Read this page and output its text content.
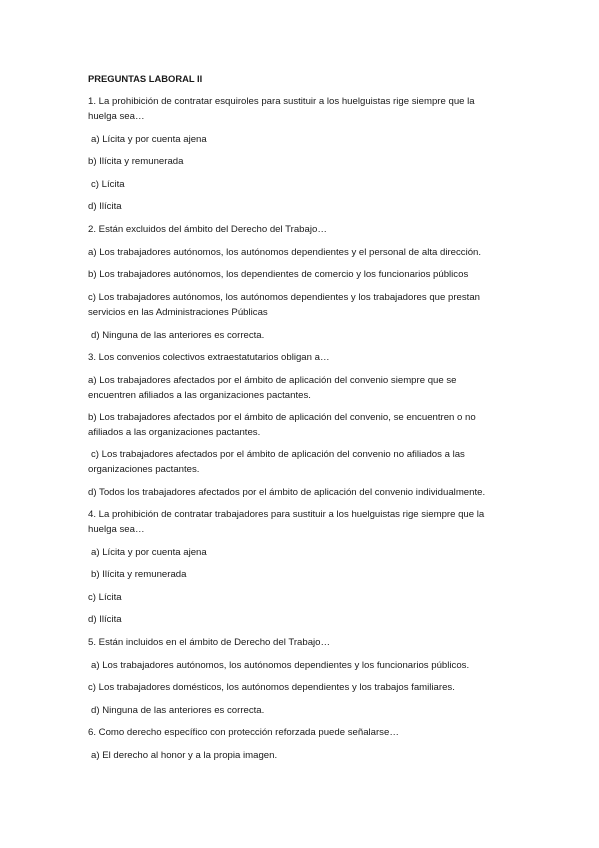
PREGUNTAS LABORAL II
1. La prohibición de contratar esquiroles para sustituir a los huelguistas rige siempre que la
huelga sea…
a) Lícita y por cuenta ajena
b) Ilícita y remunerada
c) Lícita
d) Ilícita
2. Están excluidos del ámbito del Derecho del Trabajo…
a) Los trabajadores autónomos, los autónomos dependientes y el personal de alta dirección.
b) Los trabajadores autónomos, los dependientes de comercio y los funcionarios públicos
c) Los trabajadores autónomos, los autónomos dependientes y los trabajadores que prestan
servicios en las Administraciones Públicas
d) Ninguna de las anteriores es correcta.
3. Los convenios colectivos extraestatutarios obligan a…
a) Los trabajadores afectados por el ámbito de aplicación del convenio siempre que se
encuentren afiliados a las organizaciones pactantes.
b) Los trabajadores afectados por el ámbito de aplicación del convenio, se encuentren o no
afiliados a las organizaciones pactantes.
c) Los trabajadores afectados por el ámbito de aplicación del convenio no afiliados a las
organizaciones pactantes.
d) Todos los trabajadores afectados por el ámbito de aplicación del convenio individualmente.
4. La prohibición de contratar trabajadores para sustituir a los huelguistas rige siempre que la
huelga sea…
a) Lícita y por cuenta ajena
b) Ilícita y remunerada
c) Lícita
d) Ilícita
5. Están incluidos en el ámbito de Derecho del Trabajo…
a) Los trabajadores autónomos, los autónomos dependientes y los funcionarios públicos.
c) Los trabajadores domésticos, los autónomos dependientes y los trabajos familiares.
d) Ninguna de las anteriores es correcta.
6. Como derecho específico con protección reforzada puede señalarse…
a) El derecho al honor y a la propia imagen.
